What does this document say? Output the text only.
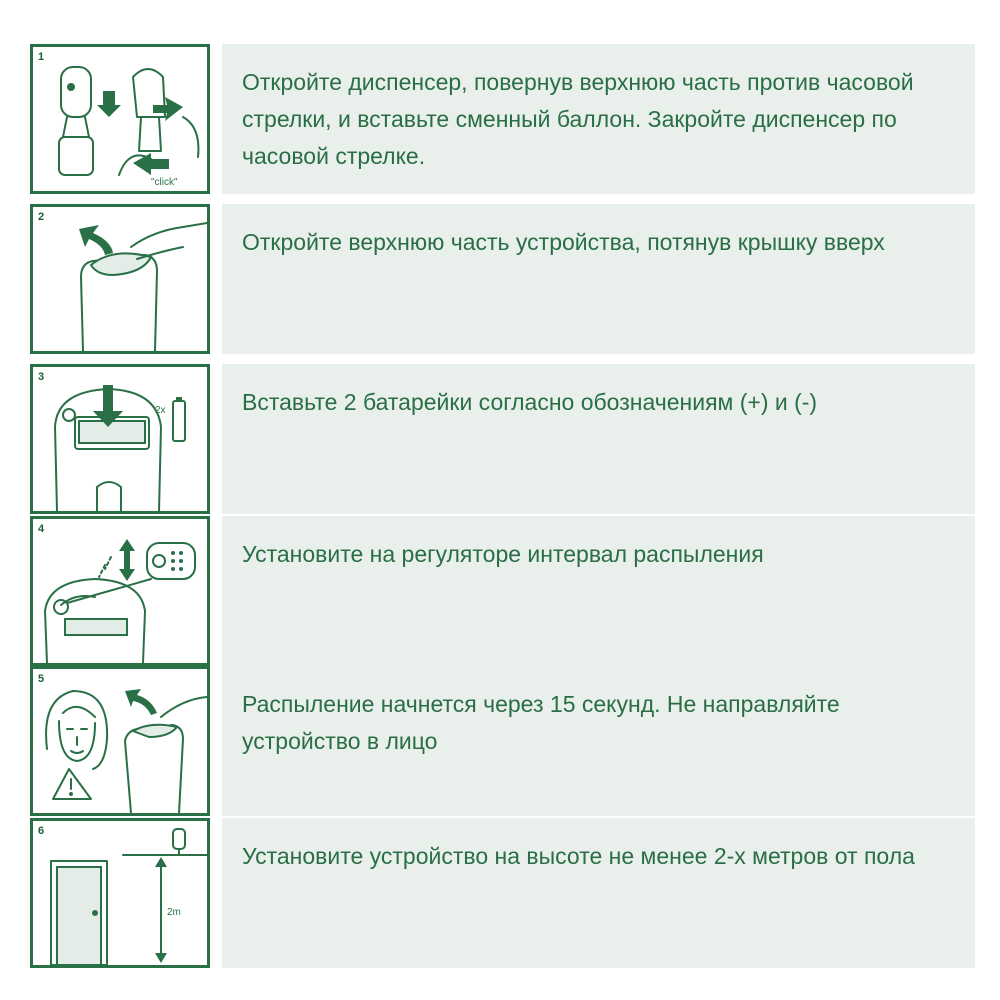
1
"click"
Откройте диспенсер, повернув верхнюю часть против часовой стрелки, и вставьте сменный баллон. Закройте диспенсер по часовой стрелке.
2
Откройте верхнюю часть устройства, потянув крышку вверх
3
2x	Вставьте 2 батарейки согласно обозначениям (+) и (-)
4
Установите на регуляторе интервал распыления
5
Распыление начнется через 15 секунд. Не направляйте устройство в лицо
6
2m
Установите устройство на высоте не менее 2-х метров от пола
